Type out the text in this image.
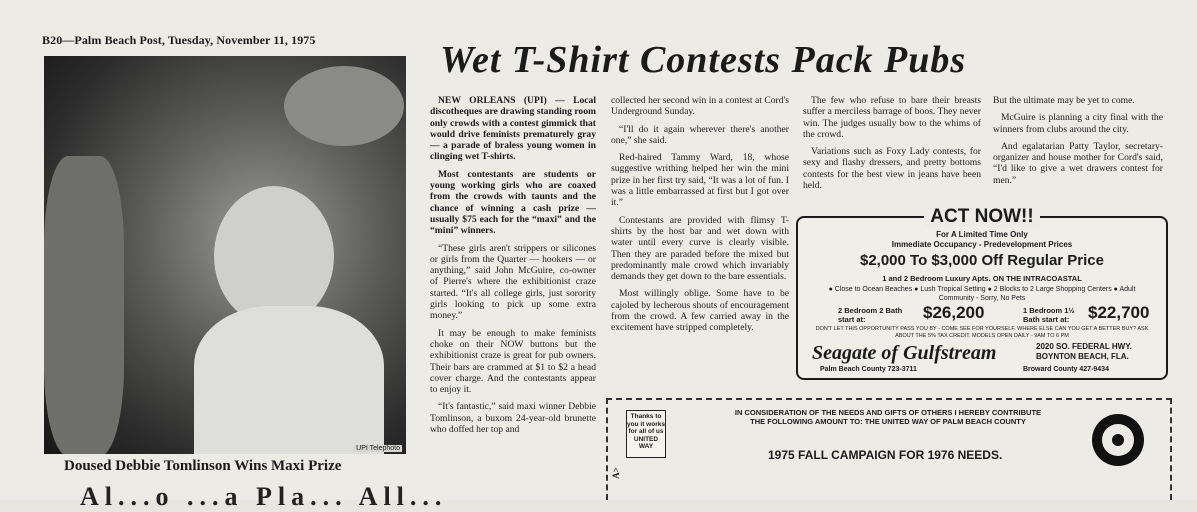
B20—Palm Beach Post, Tuesday, November 11, 1975
UPI Telephoto
Doused Debbie Tomlinson Wins Maxi Prize
Al...o ...a Pla... All...
Wet T-Shirt Contests Pack Pubs

NEW ORLEANS (UPI) — Local discotheques are drawing standing room only crowds with a contest gimmick that would drive feminists prematurely gray — a parade of braless young women in clinging wet T-shirts.

Most contestants are students or young working girls who are coaxed from the crowds with taunts and the chance of winning a cash prize — usually $75 each for the “maxi” and the “mini” winners.

“These girls aren't strippers or silicones or girls from the Quarter — hookers — or anything,” said John McGuire, co-owner of Pierre's where the exhibitionist craze started. “It's all college girls, just sorority girls looking to pick up some extra money.”

It may be enough to make feminists choke on their NOW buttons but the exhibitionist craze is great for pub owners. Their bars are crammed at $1 to $2 a head cover charge. And the contestants appear to enjoy it.

“It's fantastic,” said maxi winner Debbie Tomlinson, a buxom 24-year-old brunette who doffed her top and

collected her second win in a contest at Cord's Underground Sunday.

“I'll do it again wherever there's another one,” she said.

Red-haired Tammy Ward, 18, whose suggestive writhing helped her win the mini prize in her first try said, “It was a lot of fun. I was a little embarrassed at first but I got over it.”

Contestants are provided with flimsy T-shirts by the host bar and wet down with water until every curve is clearly visible. Then they are paraded before the mixed but predominantly male crowd which invariably demands they get down to the bare essentials.

Most willingly oblige. Some have to be cajoled by lecherous shouts of encouragement from the crowd. A few carried away in the excitement have stripped completely.

The few who refuse to bare their breasts suffer a merciless barrage of boos. They never win. The judges usually bow to the whims of the crowd.

Variations such as Foxy Lady contests, for sexy and flashy dressers, and pretty bottoms contests for the best view in jeans have been held.

But the ultimate may be yet to come.

McGuire is planning a city final with the winners from clubs around the city.

And egalatarian Patty Taylor, secretary-organizer and house mother for Cord's said, “I'd like to give a wet drawers contest for men.”

ACT NOW!!
For A Limited Time Only
Immediate Occupancy - Predevelopment Prices
$2,000 To $3,000 Off Regular Price
1 and 2 Bedroom Luxury Apts. ON THE INTRACOASTAL
● Close to Ocean Beaches ● Lush Tropical Setting ● 2 Blocks to 2 Large Shopping Centers ● Adult Community - Sorry, No Pets
2 Bedroom 2 Bath start at:	$26,200	1 Bedroom 1½ Bath start at:	$22,700
DON'T LET THIS OPPORTUNITY PASS YOU BY - COME SEE FOR YOURSELF. WHERE ELSE CAN YOU GET A BETTER BUY? ASK ABOUT THE 5% TAX CREDIT. MODELS OPEN DAILY - 9AM TO 6 PM
Seagate of Gulfstream	2020 SO. FEDERAL HWY. BOYNTON BEACH, FLA.
Palm Beach County 723-3711	Broward County 427-9434
Thanks to you it works for all of us UNITED WAY
IN CONSIDERATION OF THE NEEDS AND GIFTS OF OTHERS I HEREBY CONTRIBUTE THE FOLLOWING AMOUNT TO: THE UNITED WAY OF PALM BEACH COUNTY
1975 FALL CAMPAIGN FOR 1976 NEEDS.
A>
